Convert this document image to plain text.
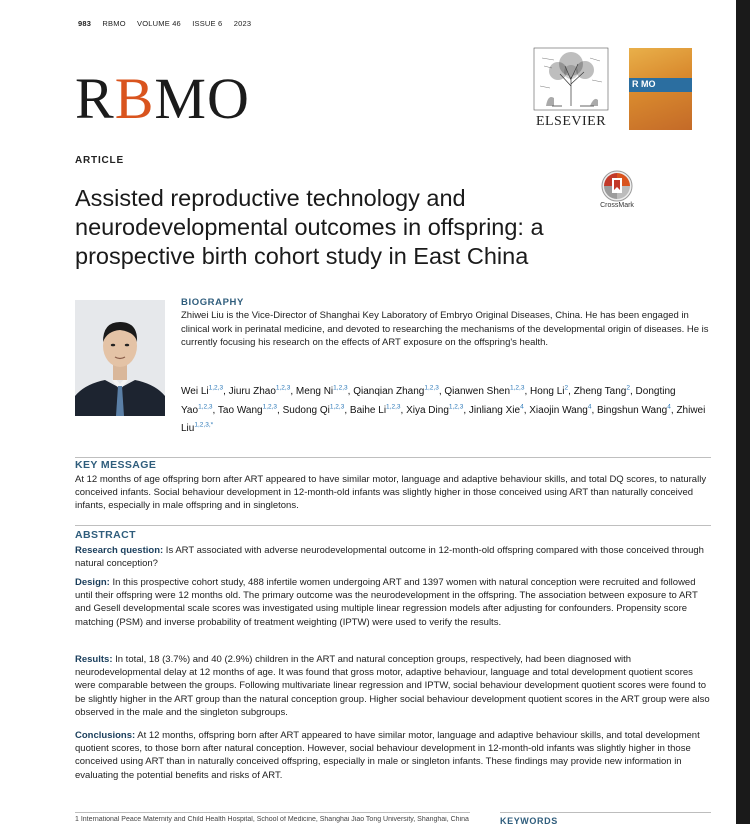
983 RBMO VOLUME 46 ISSUE 6 2023
RBMO	ELSEVIER
R MO
ARTICLE
Assisted reproductive technology and neurodevelopmental outcomes in offspring: a prospective birth cohort study in East China
CrossMark
BIOGRAPHY
Zhiwei Liu is the Vice-Director of Shanghai Key Laboratory of Embryo Original Diseases, China. He has been engaged in clinical work in perinatal medicine, and devoted to researching the mechanisms of the developmental origin of diseases. He is currently focusing his research on the effects of ART exposure on the offspring's health.
Wei Li$^{1,2,3}$, Jiuru Zhao$^{1,2,3}$, Meng Ni$^{1,2,3}$, Qianqian Zhang$^{1,2,3}$, Qianwen Shen$^{1,2,3}$, Hong Li$^2$, Zheng Tang$^2$, Dongting Yao$^{1,2,3}$, Tao Wang$^{1,2,3}$, Sudong Qi$^{1,2,3}$, Baihe Li$^{1,2,3}$, Xiya Ding$^{1,2,3}$, Jinliang Xie$^4$, Xiaojin Wang$^4$, Bingshun Wang$^4$, Zhiwei Liu$^{1,2,3,*}$
KEY MESSAGE
At 12 months of age offspring born after ART appeared to have similar motor, language and adaptive behaviour skills, and total DQ scores, to naturally conceived infants. Social behaviour development in 12-month-old infants was slightly higher in those conceived using ART than naturally conceived infants, especially in male offspring and in singletons.
ABSTRACT
Research question: Is ART associated with adverse neurodevelopmental outcome in 12-month-old offspring compared with those conceived through natural conception?
Design: In this prospective cohort study, 488 infertile women undergoing ART and 1397 women with natural conception were recruited and followed until their offspring were 12 months old. The primary outcome was the neurodevelopment in the offspring. The association between exposure to ART and Gesell developmental scale scores was investigated using multiple linear regression models after adjusting for confounders. Propensity score matching (PSM) and inverse probability of treatment weighting (IPTW) were used to verify the results.
Results: In total, 18 (3.7%) and 40 (2.9%) children in the ART and natural conception groups, respectively, had been diagnosed with neurodevelopmental delay at 12 months of age. It was found that gross motor, adaptive behaviour, language and total development quotient scores were comparable between the groups. Following multivariate linear regression and IPTW, social behaviour development quotient scores were found to be slightly higher in the ART group than the natural conception group. Higher social behaviour development quotient scores in the ART group were also observed in the male and the singleton subgroups.
Conclusions: At 12 months, offspring born after ART appeared to have similar motor, language and adaptive behaviour skills, and total development quotient scores, to those born after natural conception. However, social behaviour development in 12-month-old infants was slightly higher in those conceived using ART than in naturally conceived offspring, especially in male or singleton infants. These findings may provide new information in evaluating the potential benefits and risks of ART.
1 International Peace Maternity and Child Health Hospital, School of Medicine, Shanghai Jiao Tong University, Shanghai, China	KEYWORDS
